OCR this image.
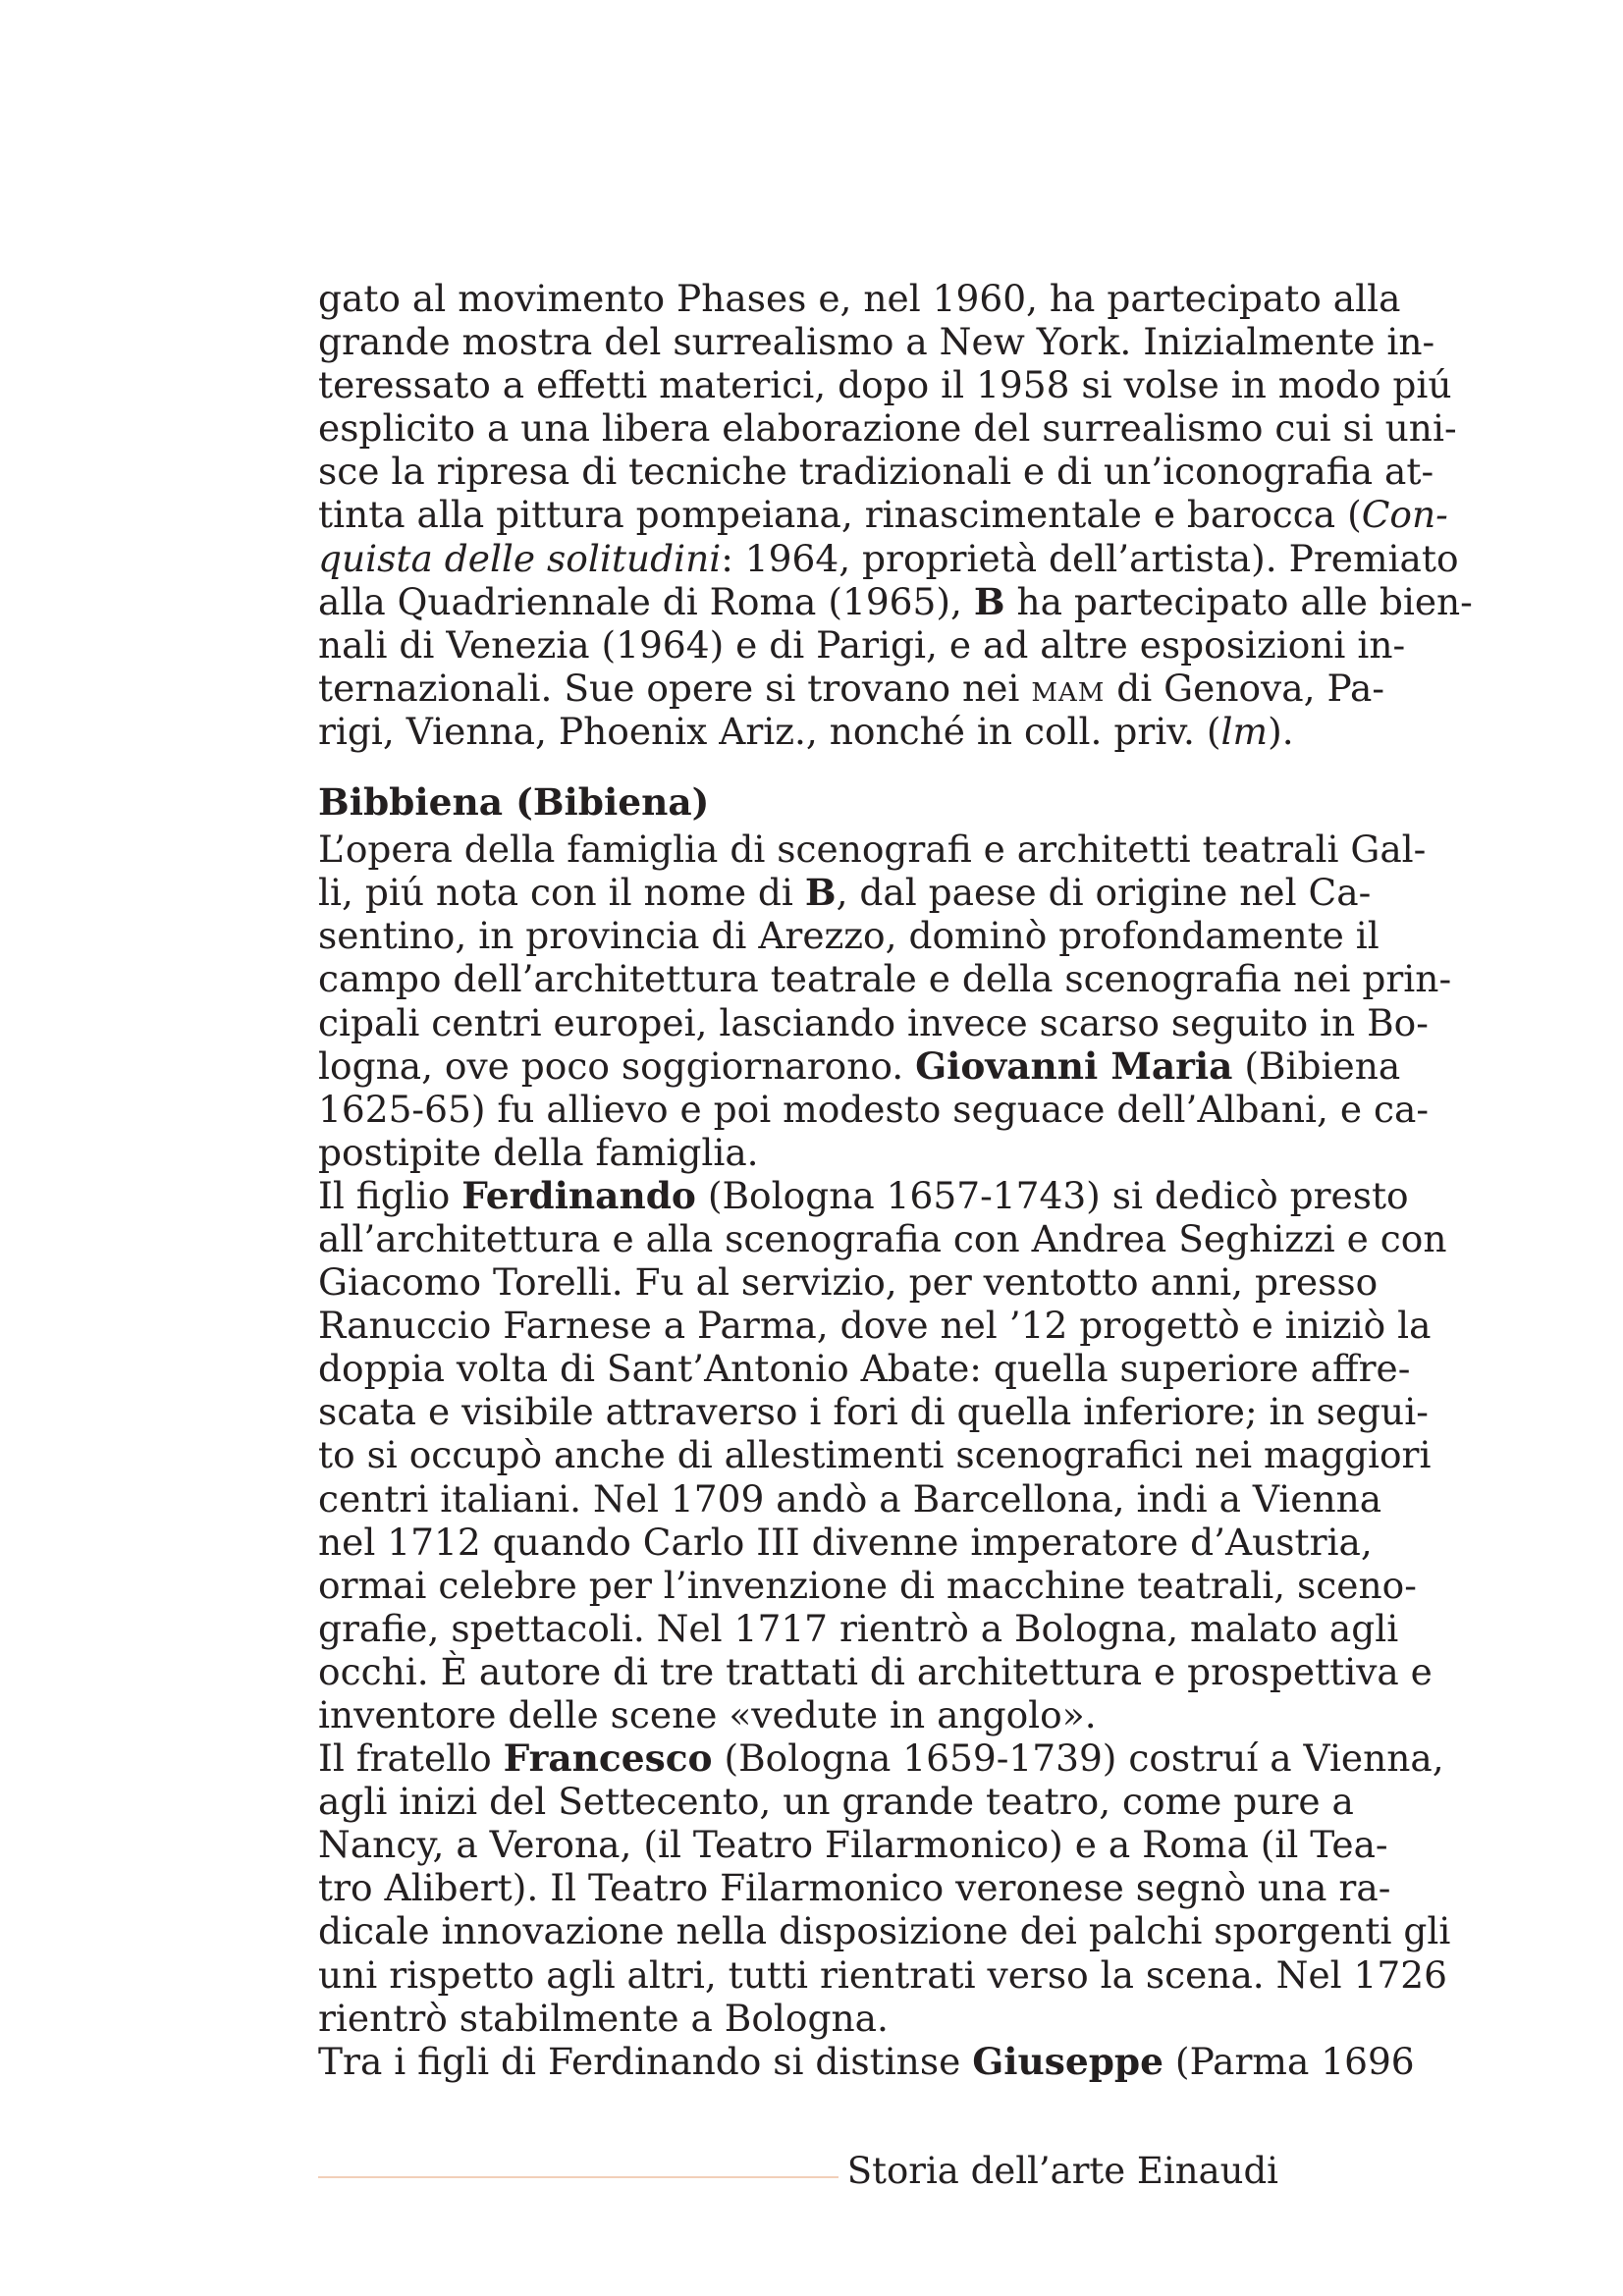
gato al movimento Phases e, nel 1960, ha partecipato alla
grande mostra del surrealismo a New York. Inizialmente in-
teressato a effetti materici, dopo il 1958 si volse in modo piú
esplicito a una libera elaborazione del surrealismo cui si uni-
sce la ripresa di tecniche tradizionali e di un’iconografia at-
tinta alla pittura pompeiana, rinascimentale e barocca (Con-
quista delle solitudini: 1964, proprietà dell’artista). Premiato
alla Quadriennale di Roma (1965), B ha partecipato alle bien-
nali di Venezia (1964) e di Parigi, e ad altre esposizioni in-
ternazionali. Sue opere si trovano nei mam di Genova, Pa-
rigi, Vienna, Phoenix Ariz., nonché in coll. priv. (lm).
Bibbiena (Bibiena)
L’opera della famiglia di scenografi e architetti teatrali Gal-
li, piú nota con il nome di B, dal paese di origine nel Ca-
sentino, in provincia di Arezzo, dominò profondamente il
campo dell’architettura teatrale e della scenografia nei prin-
cipali centri europei, lasciando invece scarso seguito in Bo-
logna, ove poco soggiornarono. Giovanni Maria (Bibiena
1625-65) fu allievo e poi modesto seguace dell’Albani, e ca-
postipite della famiglia.
Il figlio Ferdinando (Bologna 1657-1743) si dedicò presto
all’architettura e alla scenografia con Andrea Seghizzi e con
Giacomo Torelli. Fu al servizio, per ventotto anni, presso
Ranuccio Farnese a Parma, dove nel ’12 progettò e iniziò la
doppia volta di Sant’Antonio Abate: quella superiore affre-
scata e visibile attraverso i fori di quella inferiore; in segui-
to si occupò anche di allestimenti scenografici nei maggiori
centri italiani. Nel 1709 andò a Barcellona, indi a Vienna
nel 1712 quando Carlo III divenne imperatore d’Austria,
ormai celebre per l’invenzione di macchine teatrali, sceno-
grafie, spettacoli. Nel 1717 rientrò a Bologna, malato agli
occhi. È autore di tre trattati di architettura e prospettiva e
inventore delle scene «vedute in angolo».
Il fratello Francesco (Bologna 1659-1739) costruí a Vienna,
agli inizi del Settecento, un grande teatro, come pure a
Nancy, a Verona, (il Teatro Filarmonico) e a Roma (il Tea-
tro Alibert). Il Teatro Filarmonico veronese segnò una ra-
dicale innovazione nella disposizione dei palchi sporgenti gli
uni rispetto agli altri, tutti rientrati verso la scena. Nel 1726
rientrò stabilmente a Bologna.
Tra i figli di Ferdinando si distinse Giuseppe (Parma 1696
Storia dell’arte Einaudi
